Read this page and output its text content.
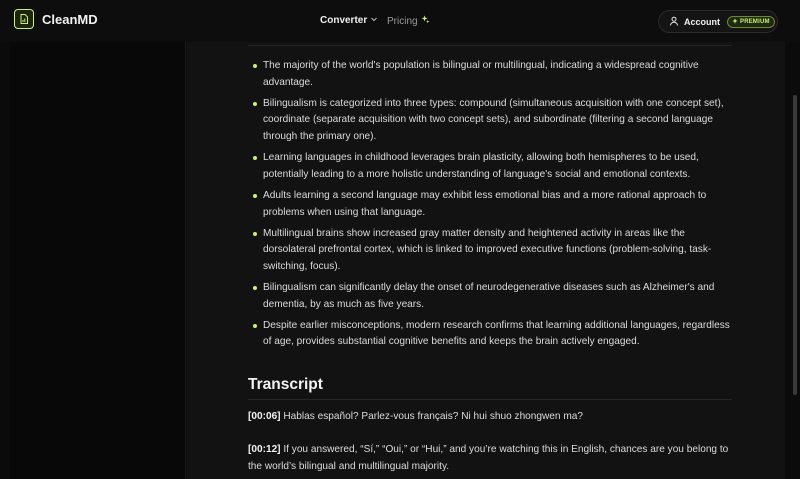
CleanMD	Converter Pricing	Account	PREMIUM
The majority of the world's population is bilingual or multilingual, indicating a widespread cognitive advantage.
Bilingualism is categorized into three types: compound (simultaneous acquisition with one concept set), coordinate (separate acquisition with two concept sets), and subordinate (filtering a second language through the primary one).
Learning languages in childhood leverages brain plasticity, allowing both hemispheres to be used, potentially leading to a more holistic understanding of language's social and emotional contexts.
Adults learning a second language may exhibit less emotional bias and a more rational approach to problems when using that language.
Multilingual brains show increased gray matter density and heightened activity in areas like the dorsolateral prefrontal cortex, which is linked to improved executive functions (problem-solving, task-switching, focus).
Bilingualism can significantly delay the onset of neurodegenerative diseases such as Alzheimer's and dementia, by as much as five years.
Despite earlier misconceptions, modern research confirms that learning additional languages, regardless of age, provides substantial cognitive benefits and keeps the brain actively engaged.
Transcript

[00:06] Hablas español? Parlez-vous français? Ni hui shuo zhongwen ma?

[00:12] If you answered, “Sí,” “Oui,” or “Hui,” and you’re watching this in English, chances are you belong to the world’s bilingual and multilingual majority.
